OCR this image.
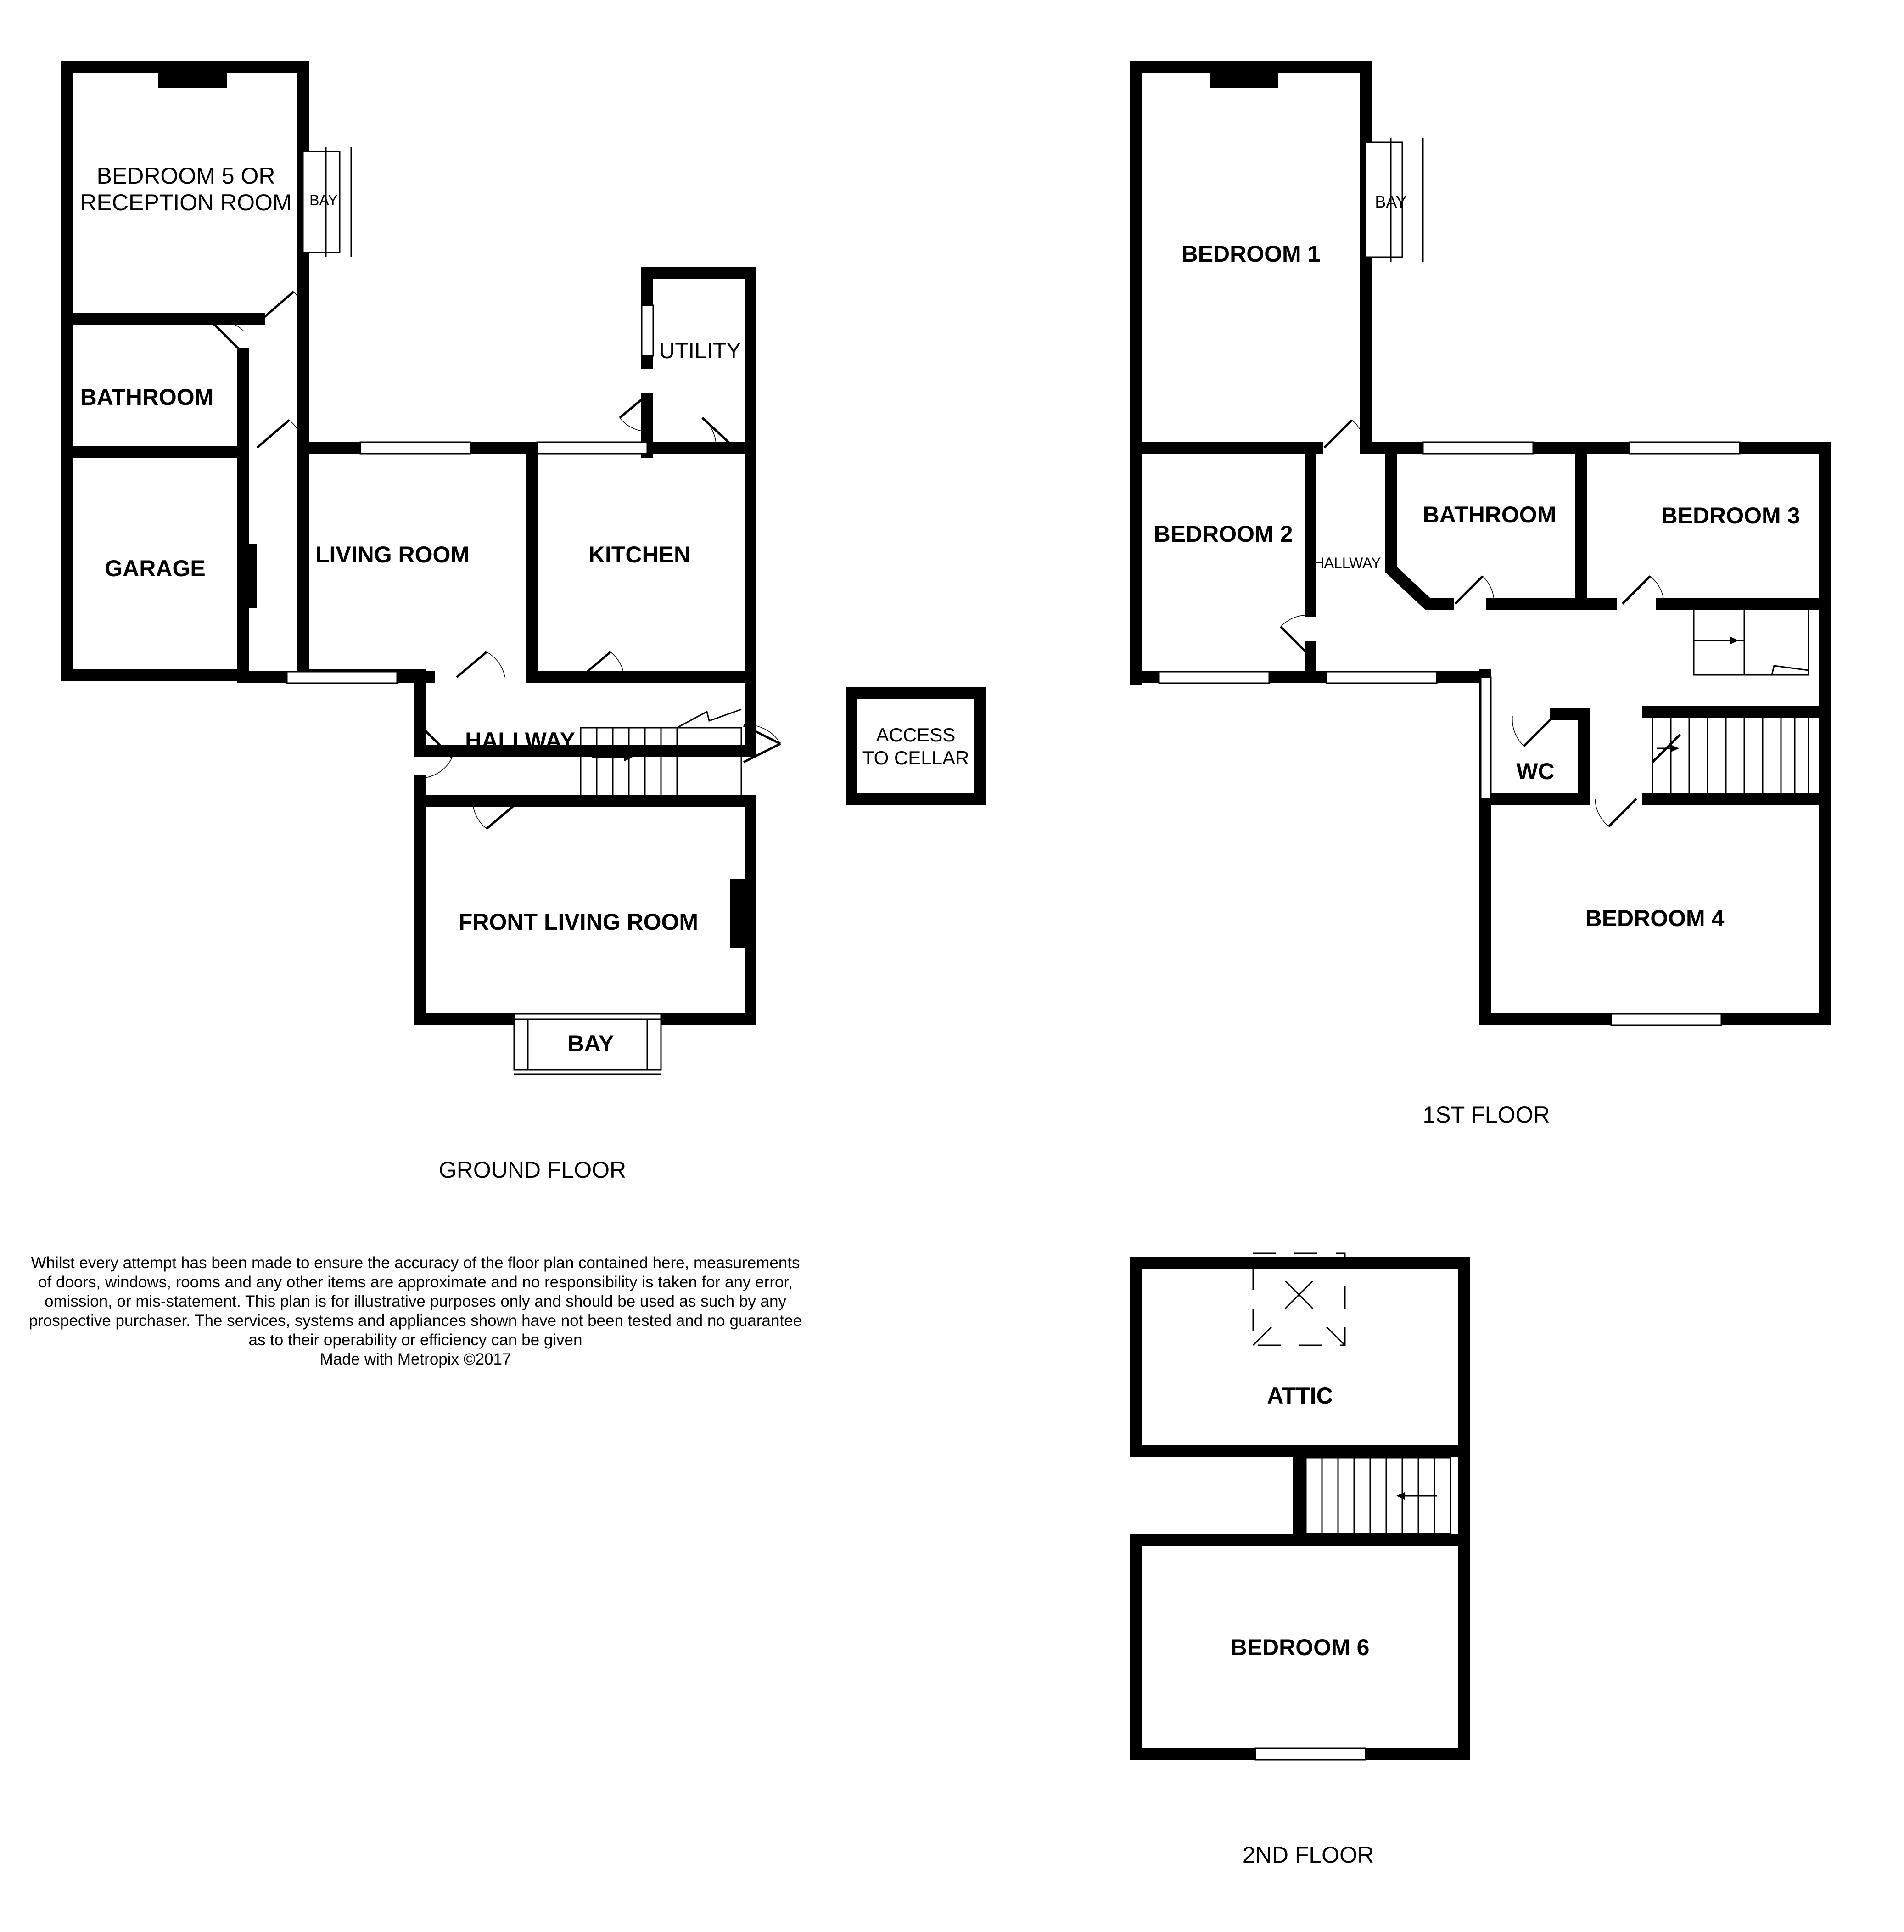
BEDROOM 5 OR
RECEPTION ROOM BAY
BATHROOM
UTILITY
GARAGE
LIVING ROOM	KITCHEN
HALLWAY
FRONT LIVING ROOM
BAY
ACCESS
TO CELLAR
GROUND FLOOR
BEDROOM 1
BAY
BEDROOM 2
HALLWAY
BATHROOM	BEDROOM 3
WC
BEDROOM 4
1ST FLOOR
ATTIC
BEDROOM 6
2ND FLOOR
Whilst every attempt has been made to ensure the accuracy of the floor plan contained here, measurements
of doors, windows, rooms and any other items are approximate and no responsibility is taken for any error,
omission, or mis-statement. This plan is for illustrative purposes only and should be used as such by any
prospective purchaser. The services, systems and appliances shown have not been tested and no guarantee
as to their operability or efficiency can be given
Made with Metropix ©2017
